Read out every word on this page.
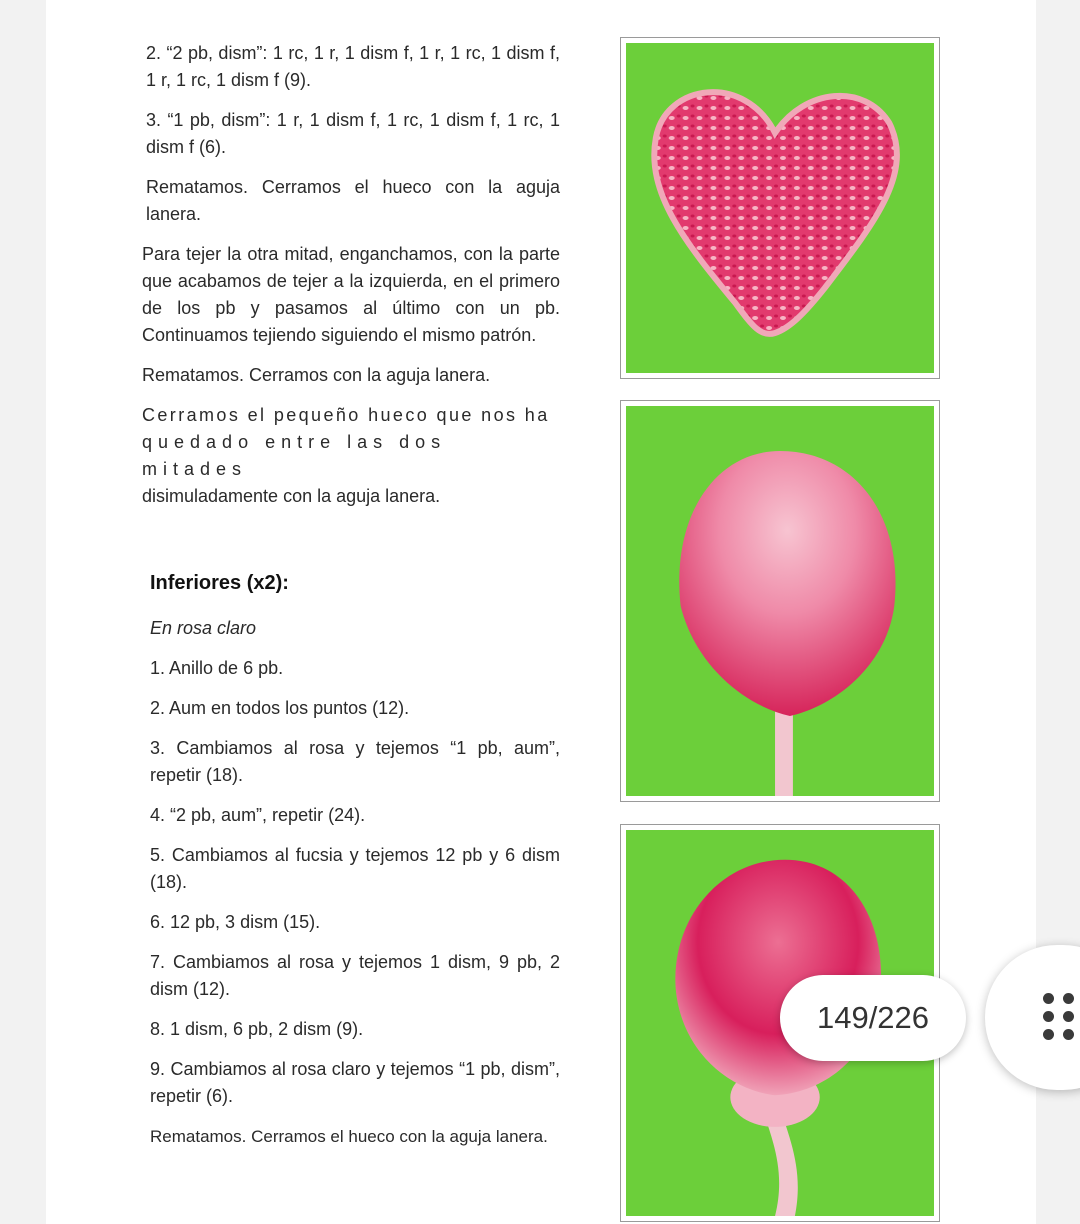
2. “2 pb, dism”: 1 rc, 1 r, 1 dism f, 1 r, 1 rc, 1 dism f, 1 r, 1 rc, 1 dism f (9).

3. “1 pb, dism”: 1 r, 1 dism f, 1 rc, 1 dism f, 1 rc, 1 dism f (6).

Rematamos. Cerramos el hueco con la aguja lanera.

Para tejer la otra mitad, enganchamos, con la parte que acabamos de tejer a la izquierda, en el primero de los pb y pasamos al último con un pb. Continuamos tejiendo siguiendo el mismo patrón.

Rematamos. Cerramos con la aguja lanera.

Cerramos el pequeño hueco que nos ha
quedado entre las dos mitades
disimuladamente con la aguja lanera.
Inferiores (x2):

En rosa claro

1. Anillo de 6 pb.

2. Aum en todos los puntos (12).

3. Cambiamos al rosa y tejemos “1 pb, aum”, repetir (18).

4. “2 pb, aum”, repetir (24).

5. Cambiamos al fucsia y tejemos 12 pb y 6 dism (18).

6. 12 pb, 3 dism (15).

7. Cambiamos al rosa y tejemos 1 dism, 9 pb, 2 dism (12).

8. 1 dism, 6 pb, 2 dism (9).

9. Cambiamos al rosa claro y tejemos “1 pb, dism”, repetir (6).

Rematamos. Cerramos el hueco con la aguja lanera.

149/226
